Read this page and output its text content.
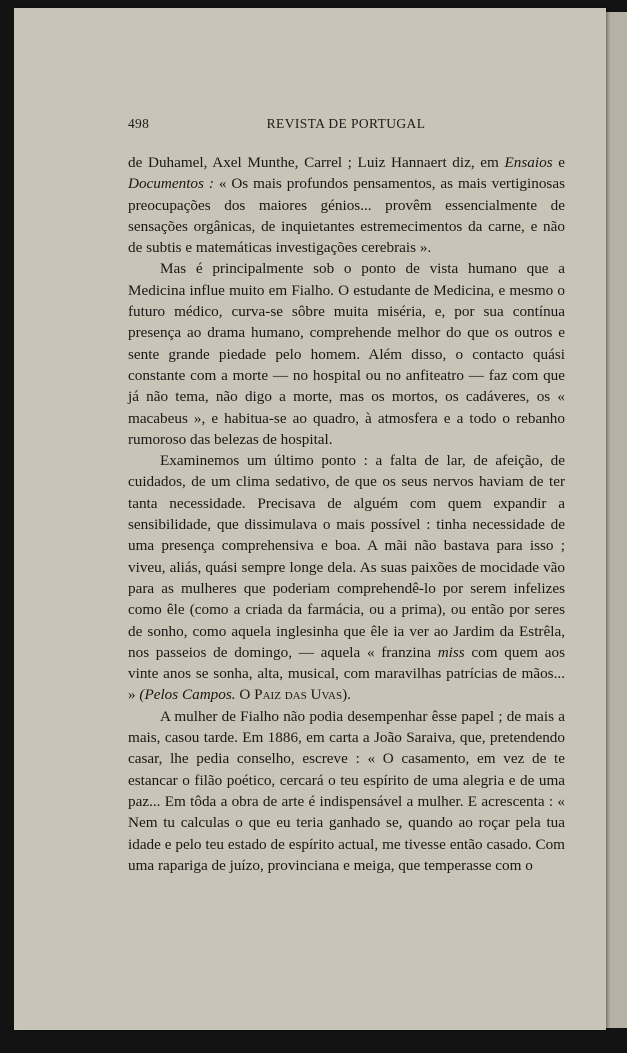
498	REVISTA DE PORTUGAL

de Duhamel, Axel Munthe, Carrel ; Luiz Hannaert diz, em Ensaios e Documentos : « Os mais profundos pensamentos, as mais vertiginosas preocupações dos maiores génios... provêm essencialmente de sensações orgânicas, de inquietantes estremecimentos da carne, e não de subtis e matemáticas investigações cerebrais ».

Mas é principalmente sob o ponto de vista humano que a Medicina influe muito em Fialho. O estudante de Medicina, e mesmo o futuro médico, curva-se sôbre muita miséria, e, por sua contínua presença ao drama humano, comprehende melhor do que os outros e sente grande piedade pelo homem. Além disso, o contacto quási constante com a morte — no hospital ou no anfiteatro — faz com que já não tema, não digo a morte, mas os mortos, os cadáveres, os « macabeus », e habitua-se ao quadro, à atmosfera e a todo o rebanho rumoroso das belezas de hospital.

Examinemos um último ponto : a falta de lar, de afeição, de cuidados, de um clima sedativo, de que os seus nervos haviam de ter tanta necessidade. Precisava de alguém com quem expandir a sensibilidade, que dissimulava o mais possível : tinha necessidade de uma presença comprehensiva e boa. A mãi não bastava para isso ; viveu, aliás, quási sempre longe dela. As suas paixões de mocidade vão para as mulheres que poderiam comprehendê-lo por serem infelizes como êle (como a criada da farmácia, ou a prima), ou então por seres de sonho, como aquela inglesinha que êle ia ver ao Jardim da Estrêla, nos passeios de domingo, — aquela « franzina miss com quem aos vinte anos se sonha, alta, musical, com maravilhas patrícias de mãos... » (Pelos Campos. O Paiz das Uvas).

A mulher de Fialho não podia desempenhar êsse papel ; de mais a mais, casou tarde. Em 1886, em carta a João Saraiva, que, pretendendo casar, lhe pedia conselho, escreve : « O casamento, em vez de te estancar o filão poético, cercará o teu espírito de uma alegria e de uma paz... Em tôda a obra de arte é indispensável a mulher. E acrescenta : « Nem tu calculas o que eu teria ganhado se, quando ao roçar pela tua idade e pelo teu estado de espírito actual, me tivesse então casado. Com uma rapariga de juízo, provinciana e meiga, que temperasse com o
